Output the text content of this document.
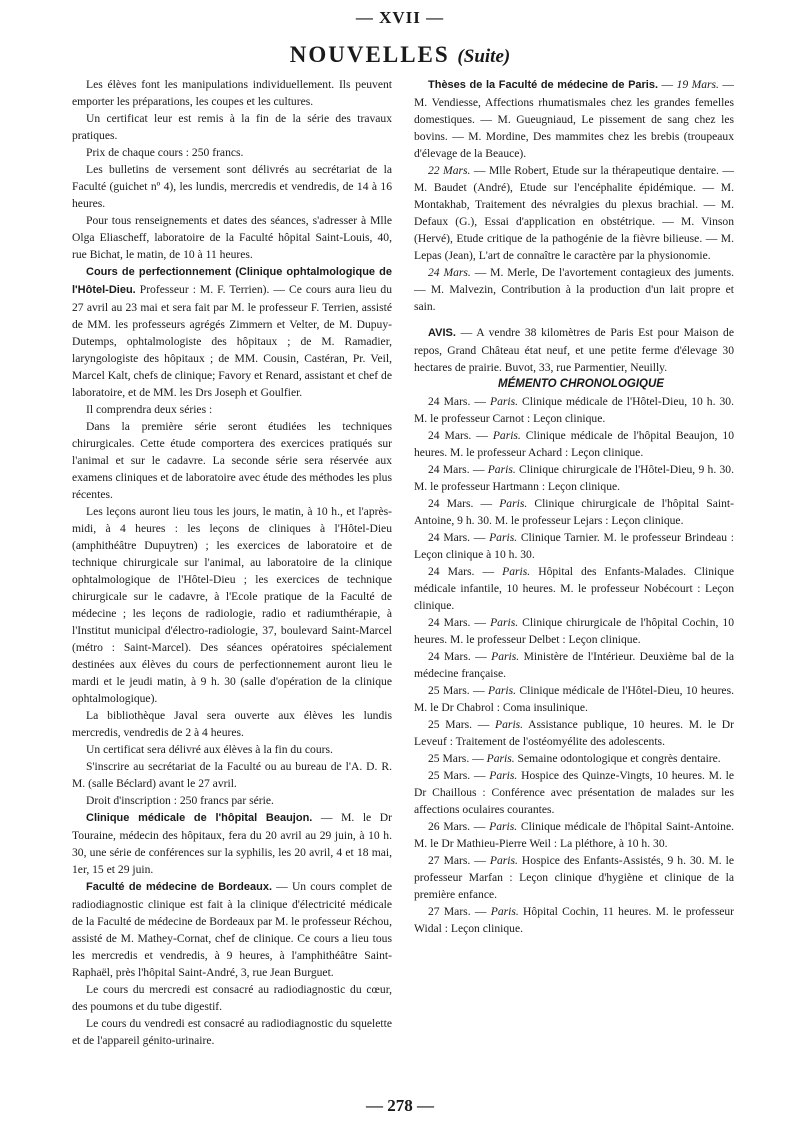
— XVII —
NOUVELLES (Suite)

Les élèves font les manipulations individuellement. Ils peuvent emporter les préparations, les coupes et les cultures.

Un certificat leur est remis à la fin de la série des travaux pratiques.

Prix de chaque cours : 250 francs.

Les bulletins de versement sont délivrés au secrétariat de la Faculté (guichet nº 4), les lundis, mercredis et vendredis, de 14 à 16 heures.

Pour tous renseignements et dates des séances, s'adresser à Mlle Olga Eliascheff, laboratoire de la Faculté hôpital Saint-Louis, 40, rue Bichat, le matin, de 10 à 11 heures.

Cours de perfectionnement (Clinique ophtalmologique de l'Hôtel-Dieu. Professeur : M. F. Terrien). — Ce cours aura lieu du 27 avril au 23 mai et sera fait par M. le professeur F. Terrien, assisté de MM. les professeurs agrégés Zimmern et Velter, de M. Dupuy-Dutemps, ophtalmologiste des hôpitaux ; de M. Ramadier, laryngologiste des hôpitaux ; de MM. Cousin, Castéran, Pr. Veil, Marcel Kalt, chefs de clinique; Favory et Renard, assistant et chef de laboratoire, et de MM. les Drs Joseph et Goulfier.

Il comprendra deux séries :

Dans la première série seront étudiées les techniques chirurgicales. Cette étude comportera des exercices pratiqués sur l'animal et sur le cadavre. La seconde série sera réservée aux examens cliniques et de laboratoire avec étude des méthodes les plus récentes.

Les leçons auront lieu tous les jours, le matin, à 10 h., et l'après-midi, à 4 heures : les leçons de cliniques à l'Hôtel-Dieu (amphithéâtre Dupuytren) ; les exercices de laboratoire et de technique chirurgicale sur l'animal, au laboratoire de la clinique ophtalmologique de l'Hôtel-Dieu ; les exercices de technique chirurgicale sur le cadavre, à l'Ecole pratique de la Faculté de médecine ; les leçons de radiologie, radio et radiumthérapie, à l'Institut municipal d'électro-radiologie, 37, boulevard Saint-Marcel (métro : Saint-Marcel). Des séances opératoires spécialement destinées aux élèves du cours de perfectionnement auront lieu le mardi et le jeudi matin, à 9 h. 30 (salle d'opération de la clinique ophtalmologique).

La bibliothèque Javal sera ouverte aux élèves les lundis mercredis, vendredis de 2 à 4 heures.

Un certificat sera délivré aux élèves à la fin du cours.

S'inscrire au secrétariat de la Faculté ou au bureau de l'A. D. R. M. (salle Béclard) avant le 27 avril.

Droit d'inscription : 250 francs par série.

Clinique médicale de l'hôpital Beaujon. — M. le Dr Touraine, médecin des hôpitaux, fera du 20 avril au 29 juin, à 10 h. 30, une série de conférences sur la syphilis, les 20 avril, 4 et 18 mai, 1er, 15 et 29 juin.

Faculté de médecine de Bordeaux. — Un cours complet de radiodiagnostic clinique est fait à la clinique d'électricité médicale de la Faculté de médecine de Bordeaux par M. le professeur Réchou, assisté de M. Mathey-Cornat, chef de clinique. Ce cours a lieu tous les mercredis et vendredis, à 9 heures, à l'amphithéâtre Saint-Raphaël, près l'hôpital Saint-André, 3, rue Jean Burguet.

Le cours du mercredi est consacré au radiodiagnostic du cœur, des poumons et du tube digestif.

Le cours du vendredi est consacré au radiodiagnostic du squelette et de l'appareil génito-urinaire.

Thèses de la Faculté de médecine de Paris. — 19 Mars. — M. Vendiesse, Affections rhumatismales chez les grandes femelles domestiques. — M. Gueugniaud, Le pissement de sang chez les bovins. — M. Mordine, Des mammites chez les brebis (troupeaux d'élevage de la Beauce).

22 Mars. — Mlle Robert, Etude sur la thérapeutique dentaire. — M. Baudet (André), Etude sur l'encéphalite épidémique. — M. Montakhab, Traitement des névralgies du plexus brachial. — M. Defaux (G.), Essai d'application en obstétrique. — M. Vinson (Hervé), Etude critique de la pathogénie de la fièvre bilieuse. — M. Lepas (Jean), L'art de connaître le caractère par la physionomie.

24 Mars. — M. Merle, De l'avortement contagieux des juments. — M. Malvezin, Contribution à la production d'un lait propre et sain.

AVIS. — A vendre 38 kilomètres de Paris Est pour Maison de repos, Grand Château état neuf, et une petite ferme d'élevage 30 hectares de prairie. Buvot, 33, rue Parmentier, Neuilly.

MÉMENTO CHRONOLOGIQUE

24 Mars. — Paris. Clinique médicale de l'Hôtel-Dieu, 10 h. 30. M. le professeur Carnot : Leçon clinique.

24 Mars. — Paris. Clinique médicale de l'hôpital Beaujon, 10 heures. M. le professeur Achard : Leçon clinique.

24 Mars. — Paris. Clinique chirurgicale de l'Hôtel-Dieu, 9 h. 30. M. le professeur Hartmann : Leçon clinique.

24 Mars. — Paris. Clinique chirurgicale de l'hôpital Saint-Antoine, 9 h. 30. M. le professeur Lejars : Leçon clinique.

24 Mars. — Paris. Clinique Tarnier. M. le professeur Brindeau : Leçon clinique à 10 h. 30.

24 Mars. — Paris. Hôpital des Enfants-Malades. Clinique médicale infantile, 10 heures. M. le professeur Nobécourt : Leçon clinique.

24 Mars. — Paris. Clinique chirurgicale de l'hôpital Cochin, 10 heures. M. le professeur Delbet : Leçon clinique.

24 Mars. — Paris. Ministère de l'Intérieur. Deuxième bal de la médecine française.

25 Mars. — Paris. Clinique médicale de l'Hôtel-Dieu, 10 heures. M. le Dr Chabrol : Coma insulinique.

25 Mars. — Paris. Assistance publique, 10 heures. M. le Dr Leveuf : Traitement de l'ostéomyélite des adolescents.

25 Mars. — Paris. Semaine odontologique et congrès dentaire.

25 Mars. — Paris. Hospice des Quinze-Vingts, 10 heures. M. le Dr Chaillous : Conférence avec présentation de malades sur les affections oculaires courantes.

26 Mars. — Paris. Clinique médicale de l'hôpital Saint-Antoine. M. le Dr Mathieu-Pierre Weil : La pléthore, à 10 h. 30.

27 Mars. — Paris. Hospice des Enfants-Assistés, 9 h. 30. M. le professeur Marfan : Leçon clinique d'hygiène et clinique de la première enfance.

27 Mars. — Paris. Hôpital Cochin, 11 heures. M. le professeur Widal : Leçon clinique.

— 278 —
